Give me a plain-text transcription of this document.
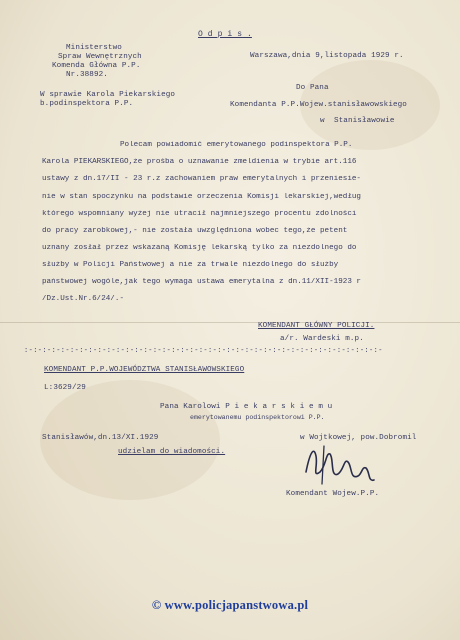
O d p i s .
Ministerstwo
Spraw Wewnętrznych
Komenda Główna P.P.
Nr.38892.
Warszawa,dnia 9,listopada 1929 r.
W sprawie Karola Piekarskiego
b.podinspektora P.P.
Do Pana
Komendanta P.P.Wojew.stanisławowskiego
w  Stanisławowie
Polecam powiadomić emerytowanego podinspektora P.P.
Karola PIEKARSKIEGO,że prośba o uznawanie zmeldienia w trybie art.116
ustawy z dn.17/II - 23 r.z zachowaniem praw emerytalnych i przeniesie-
nie w stan spoczynku na podstawie orzeczenia Komisji lekarskiej,według
którego wspomniany wyżej nie utracił najmniejszego procentu zdolności
do pracy zarobkowej,- nie została uwzględniona wobec tego,że petent
uznany zosłał przez wskazaną Komisję lekarską tylko za niezdolnego do
służby w Policji Państwowej a nie za trwale niezdolnego do służby
państwowej wogóle,jak tego wymaga ustawa emerytalna z dn.11/XII-1923 r
/Dz.Ust.Nr.6/24/.-
KOMENDANT GŁÓWNY POLICJI.
a/r. Wardeski m.p.
:-:-:-:-:-:-:-:-:-:-:-:-:-:-:-:-:-:-:-:-:-:-:-:-:-:-:-:-:-:-:-:-:-:-:-:-:-:-:-
KOMENDANT P.P.WOJEWÓDZTWA STANISŁAWOWSKIEGO
L:3629/29
Pana Karolowi P i e k a r s k i e m u
emerytowanemu podinspektorowi P.P.
Stanisławów,dn.13/XI.1929	w Wojtkowej, pow.Dobromil
udzielam do wiadomości.
Komendant Wojew.P.P.
© www.policjapanstwowa.pl
